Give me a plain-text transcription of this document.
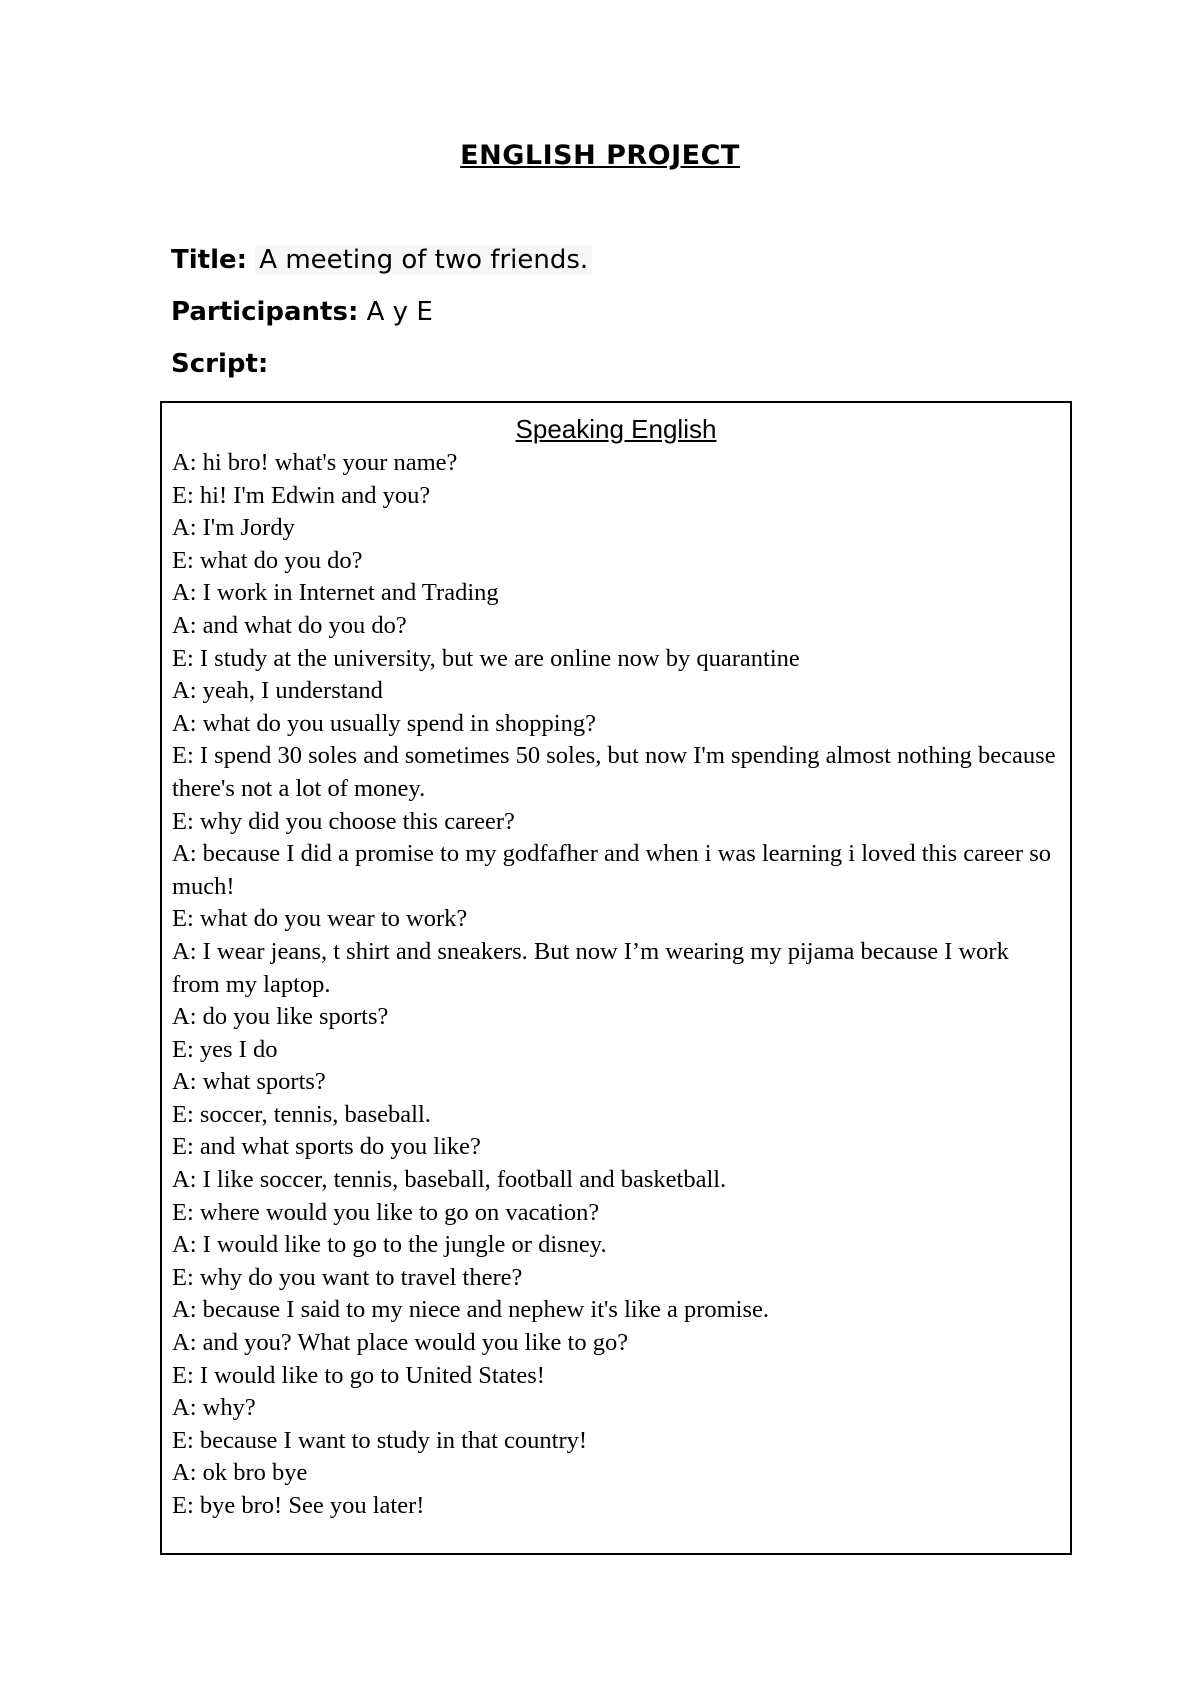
ENGLISH PROJECT
Title: A meeting of two friends.
Participants: A y E
Script:
Speaking English
A: hi bro! what's your name?
E: hi! I'm Edwin and you?
A: I'm Jordy
E: what do you do?
A: I work in Internet and Trading
A: and what do you do?
E: I study at the university, but we are online now by quarantine
A: yeah, I understand
A: what do you usually spend in shopping?
E: I spend 30 soles and sometimes 50 soles, but now I'm spending almost nothing because there's not a lot of money.
E: why did you choose this career?
A: because I did a promise to my godfafher and when i was learning i loved this career so much!
E: what do you wear to work?
A: I wear jeans, t shirt and sneakers. But now I’m wearing my pijama because I work from my laptop.
A: do you like sports?
E: yes I do
A: what sports?
E: soccer, tennis, baseball.
E: and what sports do you like?
A: I like soccer, tennis, baseball, football and basketball.
E: where would you like to go on vacation?
A: I would like to go to the jungle or disney.
E: why do you want to travel there?
A: because I said to my niece and nephew it's like a promise.
A: and you? What place would you like to go?
E: I would like to go to United States!
A: why?
E: because I want to study in that country!
A: ok bro bye
E: bye bro! See you later!
